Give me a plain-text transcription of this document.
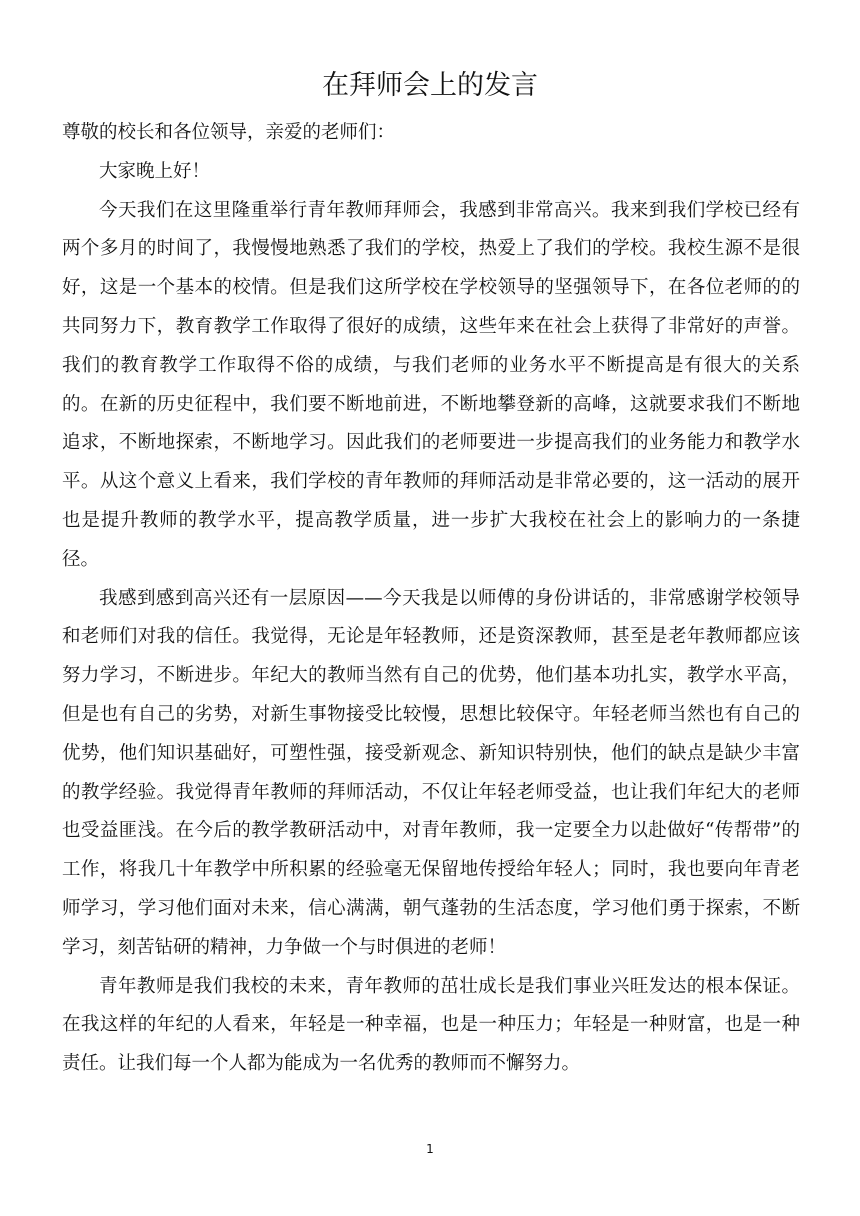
在拜师会上的发言

尊敬的校长和各位领导，亲爱的老师们：

大家晚上好！

今天我们在这里隆重举行青年教师拜师会，我感到非常高兴。我来到我们学校已经有两个多月的时间了，我慢慢地熟悉了我们的学校，热爱上了我们的学校。我校生源不是很好，这是一个基本的校情。但是我们这所学校在学校领导的坚强领导下，在各位老师的的共同努力下，教育教学工作取得了很好的成绩，这些年来在社会上获得了非常好的声誉。我们的教育教学工作取得不俗的成绩，与我们老师的业务水平不断提高是有很大的关系的。在新的历史征程中，我们要不断地前进，不断地攀登新的高峰，这就要求我们不断地追求，不断地探索，不断地学习。因此我们的老师要进一步提高我们的业务能力和教学水平。从这个意义上看来，我们学校的青年教师的拜师活动是非常必要的，这一活动的展开也是提升教师的教学水平，提高教学质量，进一步扩大我校在社会上的影响力的一条捷径。

我感到感到高兴还有一层原因——今天我是以师傅的身份讲话的，非常感谢学校领导和老师们对我的信任。我觉得，无论是年轻教师，还是资深教师，甚至是老年教师都应该努力学习，不断进步。年纪大的教师当然有自己的优势，他们基本功扎实，教学水平高，但是也有自己的劣势，对新生事物接受比较慢，思想比较保守。年轻老师当然也有自己的优势，他们知识基础好，可塑性强，接受新观念、新知识特别快，他们的缺点是缺少丰富的教学经验。我觉得青年教师的拜师活动，不仅让年轻老师受益，也让我们年纪大的老师也受益匪浅。在今后的教学教研活动中，对青年教师，我一定要全力以赴做好“传帮带”的工作，将我几十年教学中所积累的经验毫无保留地传授给年轻人；同时，我也要向年青老师学习，学习他们面对未来，信心满满，朝气蓬勃的生活态度，学习他们勇于探索，不断学习，刻苦钻研的精神，力争做一个与时俱进的老师！

青年教师是我们我校的未来，青年教师的茁壮成长是我们事业兴旺发达的根本保证。在我这样的年纪的人看来，年轻是一种幸福，也是一种压力；年轻是一种财富，也是一种责任。让我们每一个人都为能成为一名优秀的教师而不懈努力。

1
